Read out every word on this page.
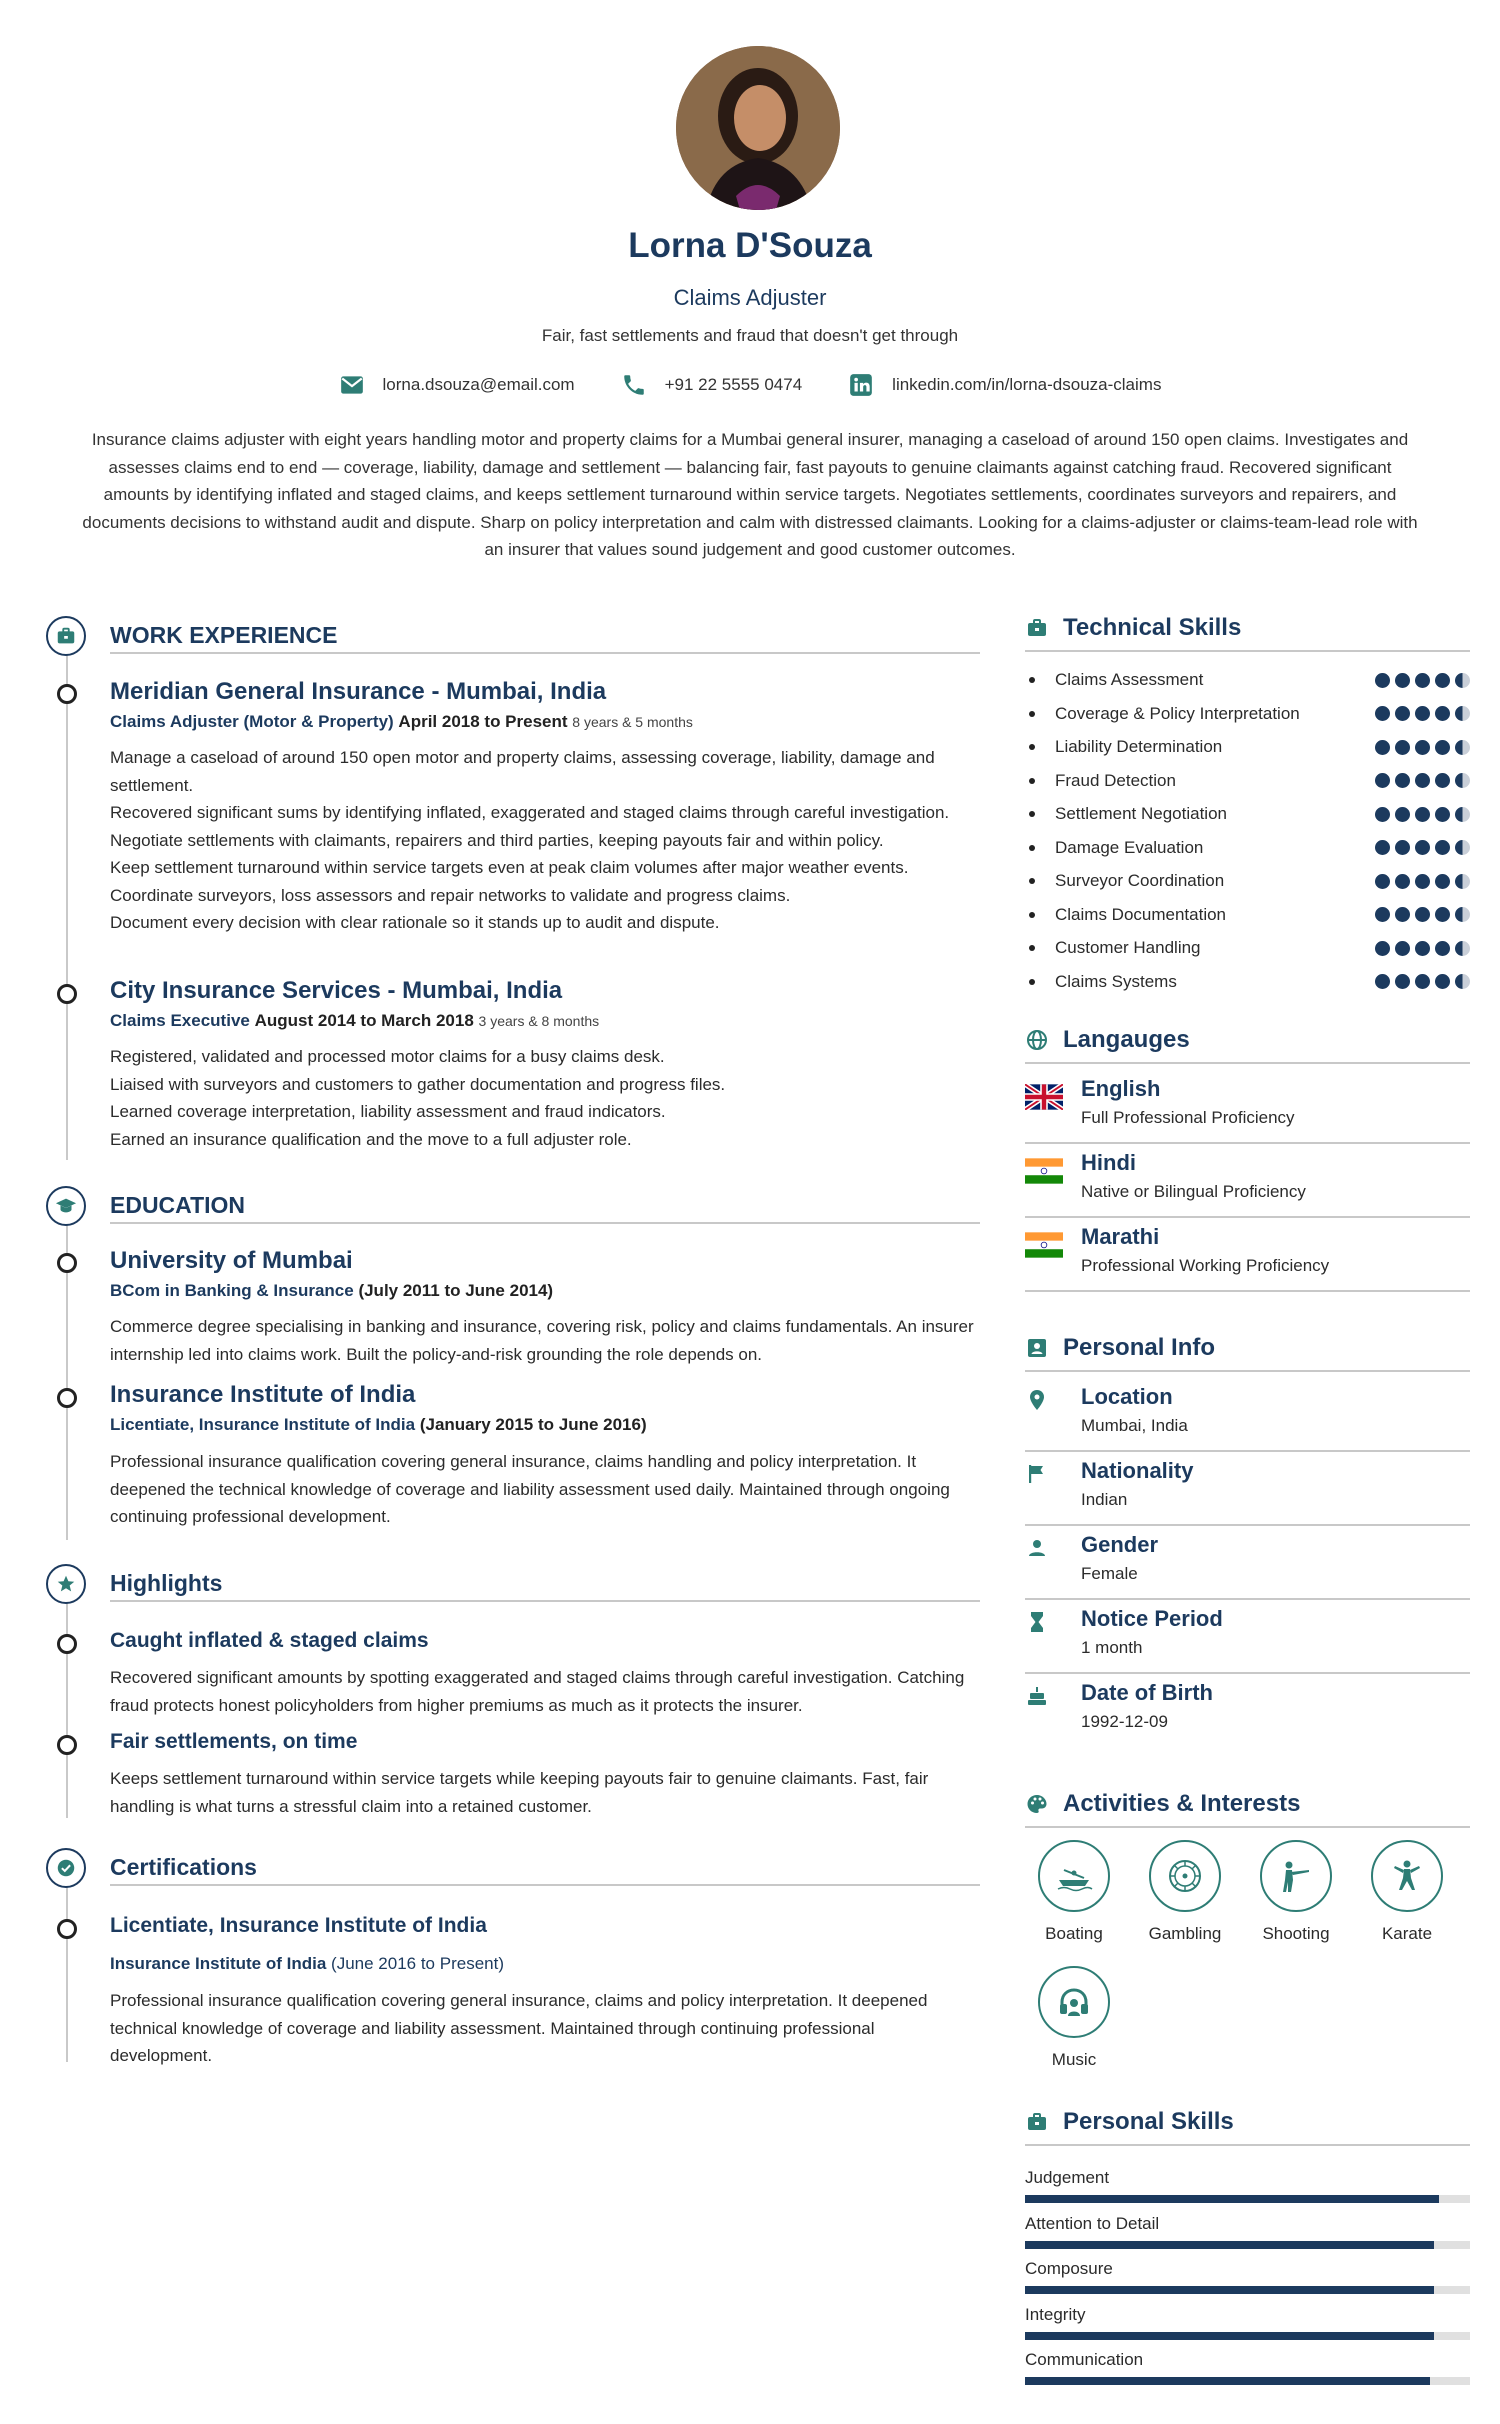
Lorna D'Souza
Claims Adjuster
Fair, fast settlements and fraud that doesn't get through
lorna.dsouza@email.com	+91 22 5555 0474	linkedin.com/in/lorna-dsouza-claims
Insurance claims adjuster with eight years handling motor and property claims for a Mumbai general insurer, managing a caseload of around 150 open claims. Investigates and assesses claims end to end — coverage, liability, damage and settlement — balancing fair, fast payouts to genuine claimants against catching fraud. Recovered significant amounts by identifying inflated and staged claims, and keeps settlement turnaround within service targets. Negotiates settlements, coordinates surveyors and repairers, and documents decisions to withstand audit and dispute. Sharp on policy interpretation and calm with distressed claimants. Looking for a claims-adjuster or claims-team-lead role with an insurer that values sound judgement and good customer outcomes.
WORK EXPERIENCE
Meridian General Insurance - Mumbai, India
Claims Adjuster (Motor & Property) April 2018 to Present 8 years & 5 months
Manage a caseload of around 150 open motor and property claims, assessing coverage, liability, damage and settlement.
Recovered significant sums by identifying inflated, exaggerated and staged claims through careful investigation.
Negotiate settlements with claimants, repairers and third parties, keeping payouts fair and within policy.
Keep settlement turnaround within service targets even at peak claim volumes after major weather events.
Coordinate surveyors, loss assessors and repair networks to validate and progress claims.
Document every decision with clear rationale so it stands up to audit and dispute.
City Insurance Services - Mumbai, India
Claims Executive August 2014 to March 2018 3 years & 8 months
Registered, validated and processed motor claims for a busy claims desk.
Liaised with surveyors and customers to gather documentation and progress files.
Learned coverage interpretation, liability assessment and fraud indicators.
Earned an insurance qualification and the move to a full adjuster role.
EDUCATION
University of Mumbai
BCom in Banking & Insurance (July 2011 to June 2014)
Commerce degree specialising in banking and insurance, covering risk, policy and claims fundamentals. An insurer internship led into claims work. Built the policy-and-risk grounding the role depends on.
Insurance Institute of India
Licentiate, Insurance Institute of India (January 2015 to June 2016)
Professional insurance qualification covering general insurance, claims handling and policy interpretation. It deepened the technical knowledge of coverage and liability assessment used daily. Maintained through ongoing continuing professional development.
Highlights
Caught inflated & staged claims
Recovered significant amounts by spotting exaggerated and staged claims through careful investigation. Catching fraud protects honest policyholders from higher premiums as much as it protects the insurer.
Fair settlements, on time
Keeps settlement turnaround within service targets while keeping payouts fair to genuine claimants. Fast, fair handling is what turns a stressful claim into a retained customer.
Certifications
Licentiate, Insurance Institute of India
Insurance Institute of India (June 2016 to Present)
Professional insurance qualification covering general insurance, claims and policy interpretation. It deepened technical knowledge of coverage and liability assessment. Maintained through continuing professional development.
Technical Skills
Claims Assessment
Coverage & Policy Interpretation
Liability Determination
Fraud Detection
Settlement Negotiation
Damage Evaluation
Surveyor Coordination
Claims Documentation
Customer Handling
Claims Systems
Langauges
English
Full Professional Proficiency
Hindi
Native or Bilingual Proficiency
Marathi
Professional Working Proficiency
Personal Info
Location
Mumbai, India
Nationality
Indian
Gender
Female
Notice Period
1 month
Date of Birth
1992-12-09
Activities & Interests
Boating	Gambling	Shooting	Karate
Music
Personal Skills
Judgement
Attention to Detail
Composure
Integrity
Communication
